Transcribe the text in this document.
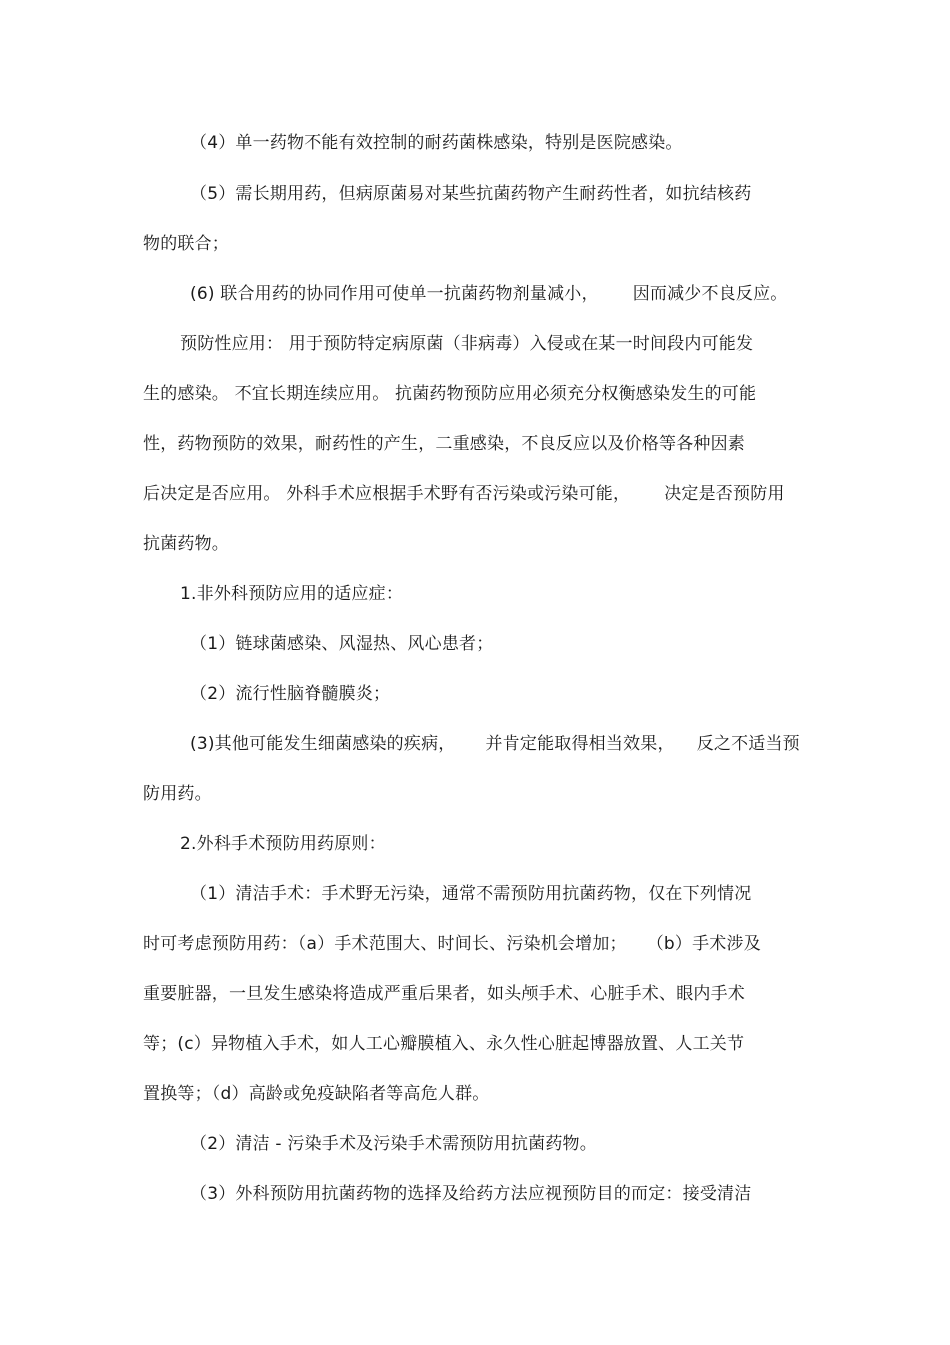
（4）单一药物不能有效控制的耐药菌株感染，特别是医院感染。
（5）需长期用药，但病原菌易对某些抗菌药物产生耐药性者，如抗结核药
物的联合；
(6) 联合用药的协同作用可使单一抗菌药物剂量减小， 因而减少不良反应。
预防性应用： 用于预防特定病原菌（非病毒）入侵或在某一时间段内可能发
生的感染。 不宜长期连续应用。 抗菌药物预防应用必须充分权衡感染发生的可能
性，药物预防的效果，耐药性的产生，二重感染，不良反应以及价格等各种因素
后决定是否应用。 外科手术应根据手术野有否污染或污染可能， 决定是否预防用
抗菌药物。
1.非外科预防应用的适应症：
（1）链球菌感染、风湿热、风心患者；
（2）流行性脑脊髓膜炎；
(3)其他可能发生细菌感染的疾病， 并肯定能取得相当效果， 反之不适当预
防用药。
2.外科手术预防用药原则：
（1）清洁手术：手术野无污染，通常不需预防用抗菌药物，仅在下列情况
时可考虑预防用药：（a）手术范围大、时间长、污染机会增加； （b）手术涉及
重要脏器，一旦发生感染将造成严重后果者，如头颅手术、心脏手术、眼内手术
等；(c）异物植入手术，如人工心瓣膜植入、永久性心脏起博器放置、人工关节
置换等；（d）高龄或免疫缺陷者等高危人群。
（2）清洁 - 污染手术及污染手术需预防用抗菌药物。
（3）外科预防用抗菌药物的选择及给药方法应视预防目的而定：接受清洁
